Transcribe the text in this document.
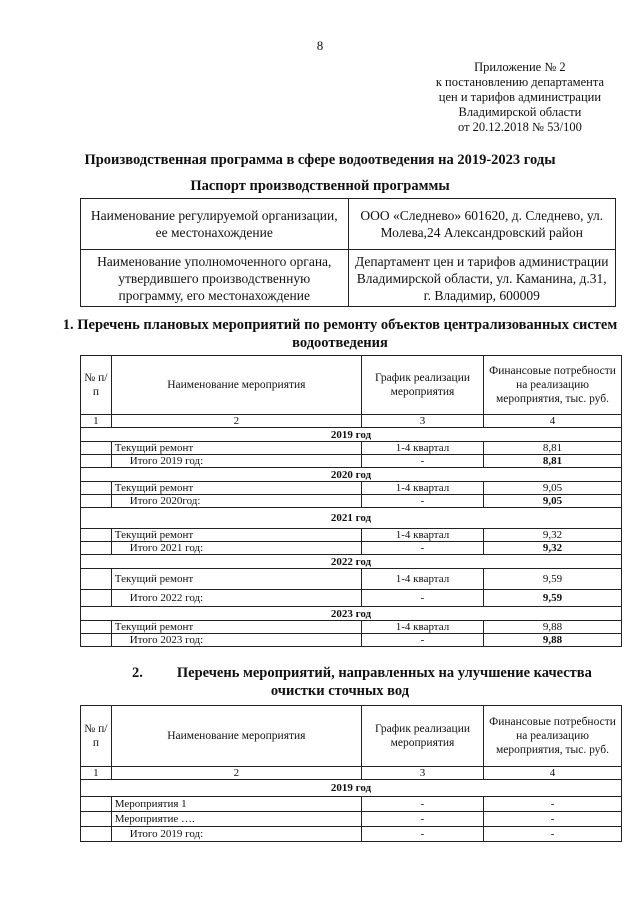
8
Приложение № 2
к постановлению департамента
цен и тарифов администрации
Владимирской области
от 20.12.2018 № 53/100
Производственная программа в сфере водоотведения на 2019-2023 годы
Паспорт производственной программы
Наименование регулируемой организации, ее местонахождение	ООО «Следнево» 601620, д. Следнево, ул. Молева,24 Александровский район
Наименование уполномоченного органа, утвердившего производственную программу, его местонахождение	Департамент цен и тарифов администрации Владимирской области, ул. Каманина, д.31, г. Владимир, 600009
1. Перечень плановых мероприятий по ремонту объектов централизованных систем водоотведения
№ п/п	Наименование мероприятия	График реализации мероприятия	Финансовые потребности на реализацию мероприятия, тыс. руб.
1	2	3	4
2019 год			
	Текущий ремонт	1-4 квартал	8,81
	Итого 2019 год:	-	8,81
2020 год			
	Текущий ремонт	1-4 квартал	9,05
	Итого 2020год:	-	9,05
2021 год			
	Текущий ремонт	1-4 квартал	9,32
	Итого 2021 год:	-	9,32
2022 год			
	Текущий ремонт	1-4 квартал	9,59
	Итого 2022 год:	-	9,59
2023 год			
	Текущий ремонт	1-4 квартал	9,88
	Итого 2023 год:	-	9,88
2. Перечень мероприятий, направленных на улучшение качества
очистки сточных вод
№ п/п	Наименование мероприятия	График реализации мероприятия	Финансовые потребности на реализацию мероприятия, тыс. руб.
1	2	3	4
2019 год			
	Мероприятия 1	-	-
	Мероприятие ….	-	-
	Итого 2019 год:	-	-
